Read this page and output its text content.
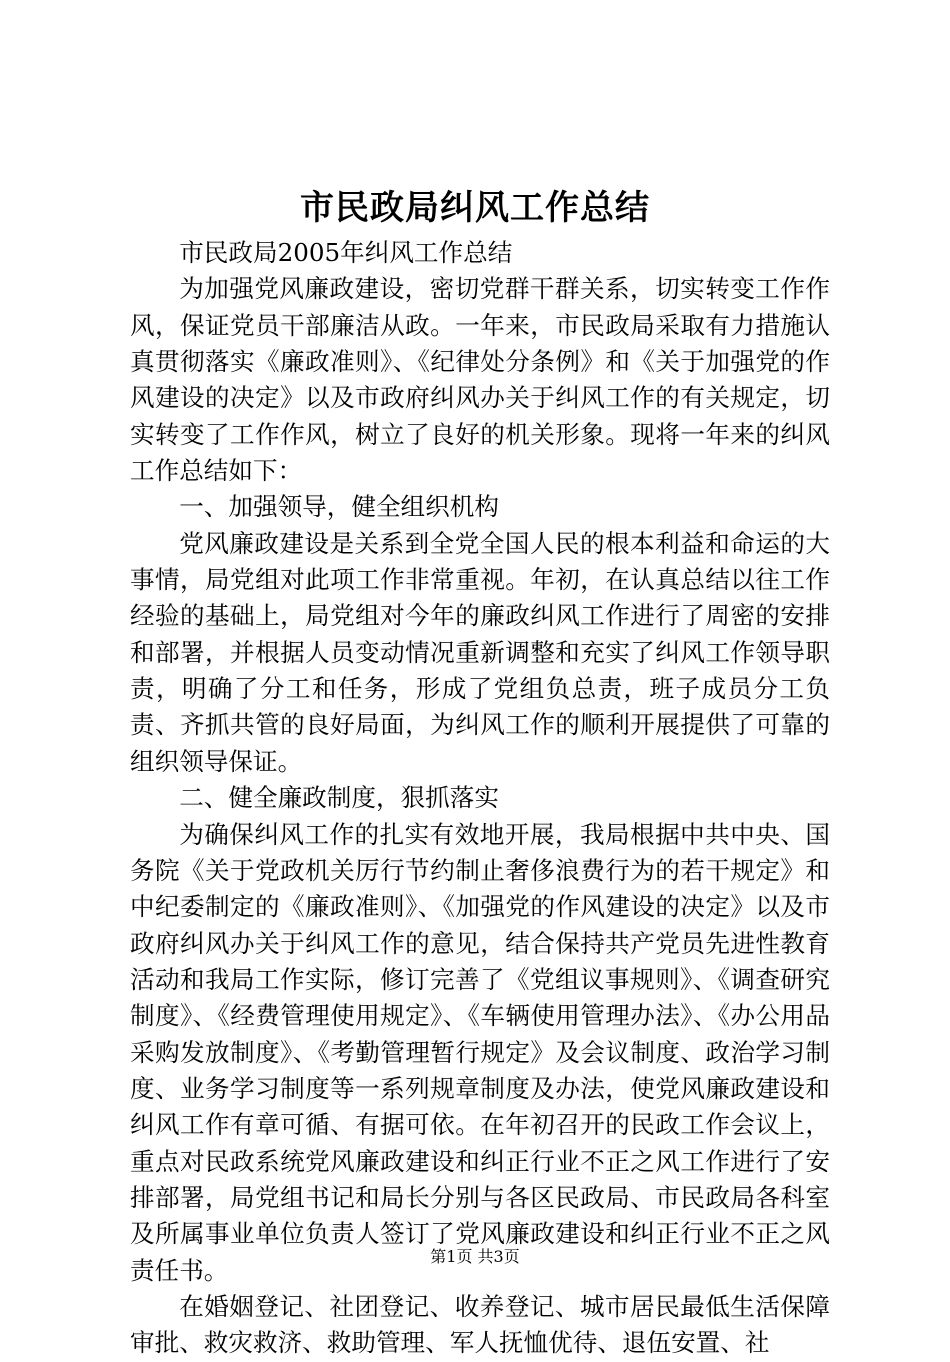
市民政局纠风工作总结

市民政局2005年纠风工作总结

为加强党风廉政建设，密切党群干群关系，切实转变工作作风，保证党员干部廉洁从政。一年来，市民政局采取有力措施认真贯彻落实《廉政准则》、《纪律处分条例》和《关于加强党的作风建设的决定》以及市政府纠风办关于纠风工作的有关规定，切实转变了工作作风，树立了良好的机关形象。现将一年来的纠风工作总结如下：

一、加强领导，健全组织机构

党风廉政建设是关系到全党全国人民的根本利益和命运的大事情，局党组对此项工作非常重视。年初，在认真总结以往工作经验的基础上，局党组对今年的廉政纠风工作进行了周密的安排和部署，并根据人员变动情况重新调整和充实了纠风工作领导职责，明确了分工和任务，形成了党组负总责，班子成员分工负责、齐抓共管的良好局面，为纠风工作的顺利开展提供了可靠的组织领导保证。

二、健全廉政制度，狠抓落实

为确保纠风工作的扎实有效地开展，我局根据中共中央、国务院《关于党政机关厉行节约制止奢侈浪费行为的若干规定》和中纪委制定的《廉政准则》、《加强党的作风建设的决定》以及市政府纠风办关于纠风工作的意见，结合保持共产党员先进性教育活动和我局工作实际，修订完善了《党组议事规则》、《调查研究制度》、《经费管理使用规定》、《车辆使用管理办法》、《办公用品采购发放制度》、《考勤管理暂行规定》及会议制度、政治学习制度、业务学习制度等一系列规章制度及办法，使党风廉政建设和纠风工作有章可循、有据可依。在年初召开的民政工作会议上，重点对民政系统党风廉政建设和纠正行业不正之风工作进行了安排部署，局党组书记和局长分别与各区民政局、市民政局各科室及所属事业单位负责人签订了党风廉政建设和纠正行业不正之风责任书。

在婚姻登记、社团登记、收养登记、城市居民最低生活保障审批、救灾救济、救助管理、军人抚恤优待、退伍安置、社

第1页 共3页
